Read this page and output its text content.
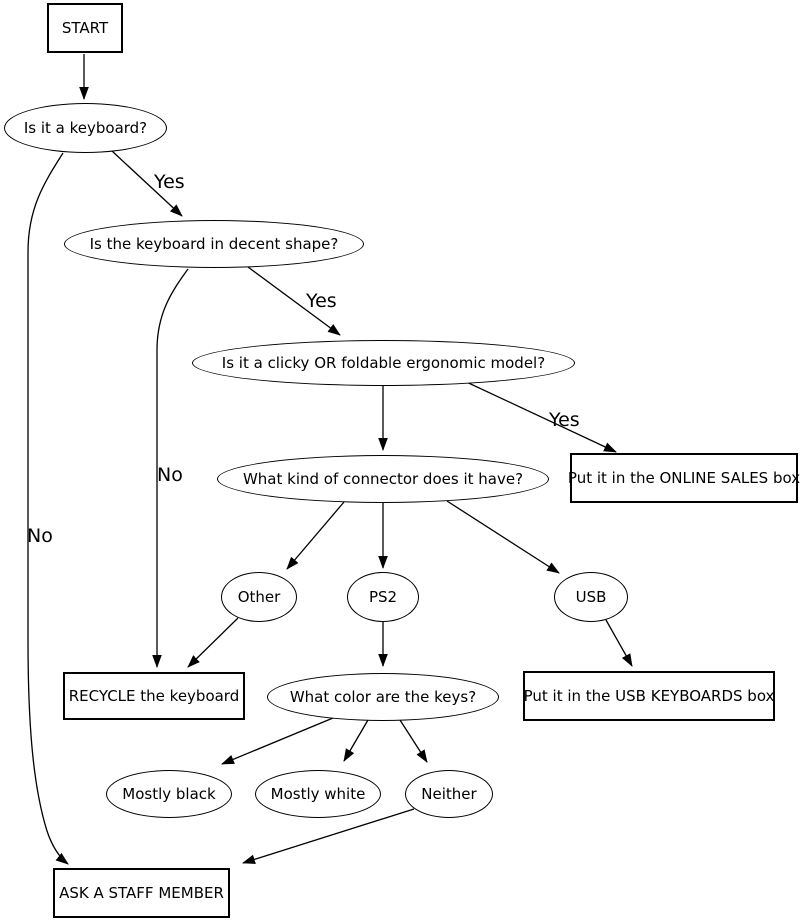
START
Is it a keyboard?
Is the keyboard in decent shape?
Is it a clicky OR foldable ergonomic model?
Put it in the ONLINE SALES box
What kind of connector does it have?
Other	PS2	USB
RECYCLE the keyboard	What color are the keys?	Put it in the USB KEYBOARDS box
Mostly black	Mostly white	Neither
ASK A STAFF MEMBER
Yes
No
Yes
No
Yes
